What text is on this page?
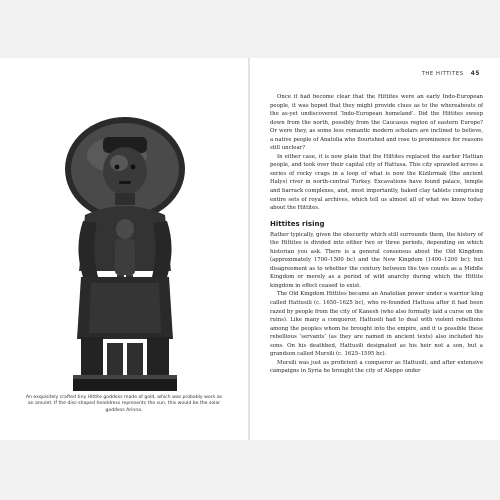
An exquisitely crafted tiny Hittite goddess made of gold, which was probably worn as an amulet. If the disc-shaped headdress represents the sun, this would be the solar goddess Arinna.
THE HITTITES 45

Once it had become clear that the Hittites were an early Indo-European people, it was hoped that they might provide clues as to the whereabouts of the as-yet undiscovered ‘Indo-European homeland’. Did the Hittites sweep down from the north, possibly from the Caucasus region of eastern Europe? Or were they, as some less romantic modern scholars are inclined to believe, a native people of Anatolia who flourished and rose to prominence for reasons still unclear?

In either case, it is now plain that the Hittites replaced the earlier Hattian people, and took over their capital city of Hattusa. This city sprawled across a series of rocky crags in a loop of what is now the Kizilırmak (the ancient Halys) river in north-central Turkey. Excavations have found palace, temple and barrack complexes, and, most importantly, baked clay tablets comprising entire sets of royal archives, which tell us almost all of what we know today about the Hittites.

Hittites rising

Rather typically, given the obscurity which still surrounds them, the history of the Hittites is divided into either two or three periods, depending on which historian you ask. There is a general consensus about the Old Kingdom (approximately 1700–1500 bc) and the New Kingdom (1400–1200 bc); but disagreement as to whether the century between the two counts as a Middle Kingdom or merely as a period of wild anarchy during which the Hittite kingdom in effect ceased to exist.

The Old Kingdom Hittites became an Anatolian power under a warrior king called Hattusili (c. 1650–1625 bc), who re-founded Hattusa after it had been razed by people from the city of Kanesh (who also formally laid a curse on the ruins). Like many a conqueror, Hattusili had to deal with violent rebellions among the peoples whom he brought into the empire, and it is possible these rebellious ‘servants’ (as they are named in ancient texts) also included his sons. On his deathbed, Hattusili designated as his heir not a son, but a grandson called Mursili (c. 1625–1595 bc).

Mursili was just as proficient a conqueror as Hattusili, and after extensive campaigns in Syria he brought the city of Aleppo under
